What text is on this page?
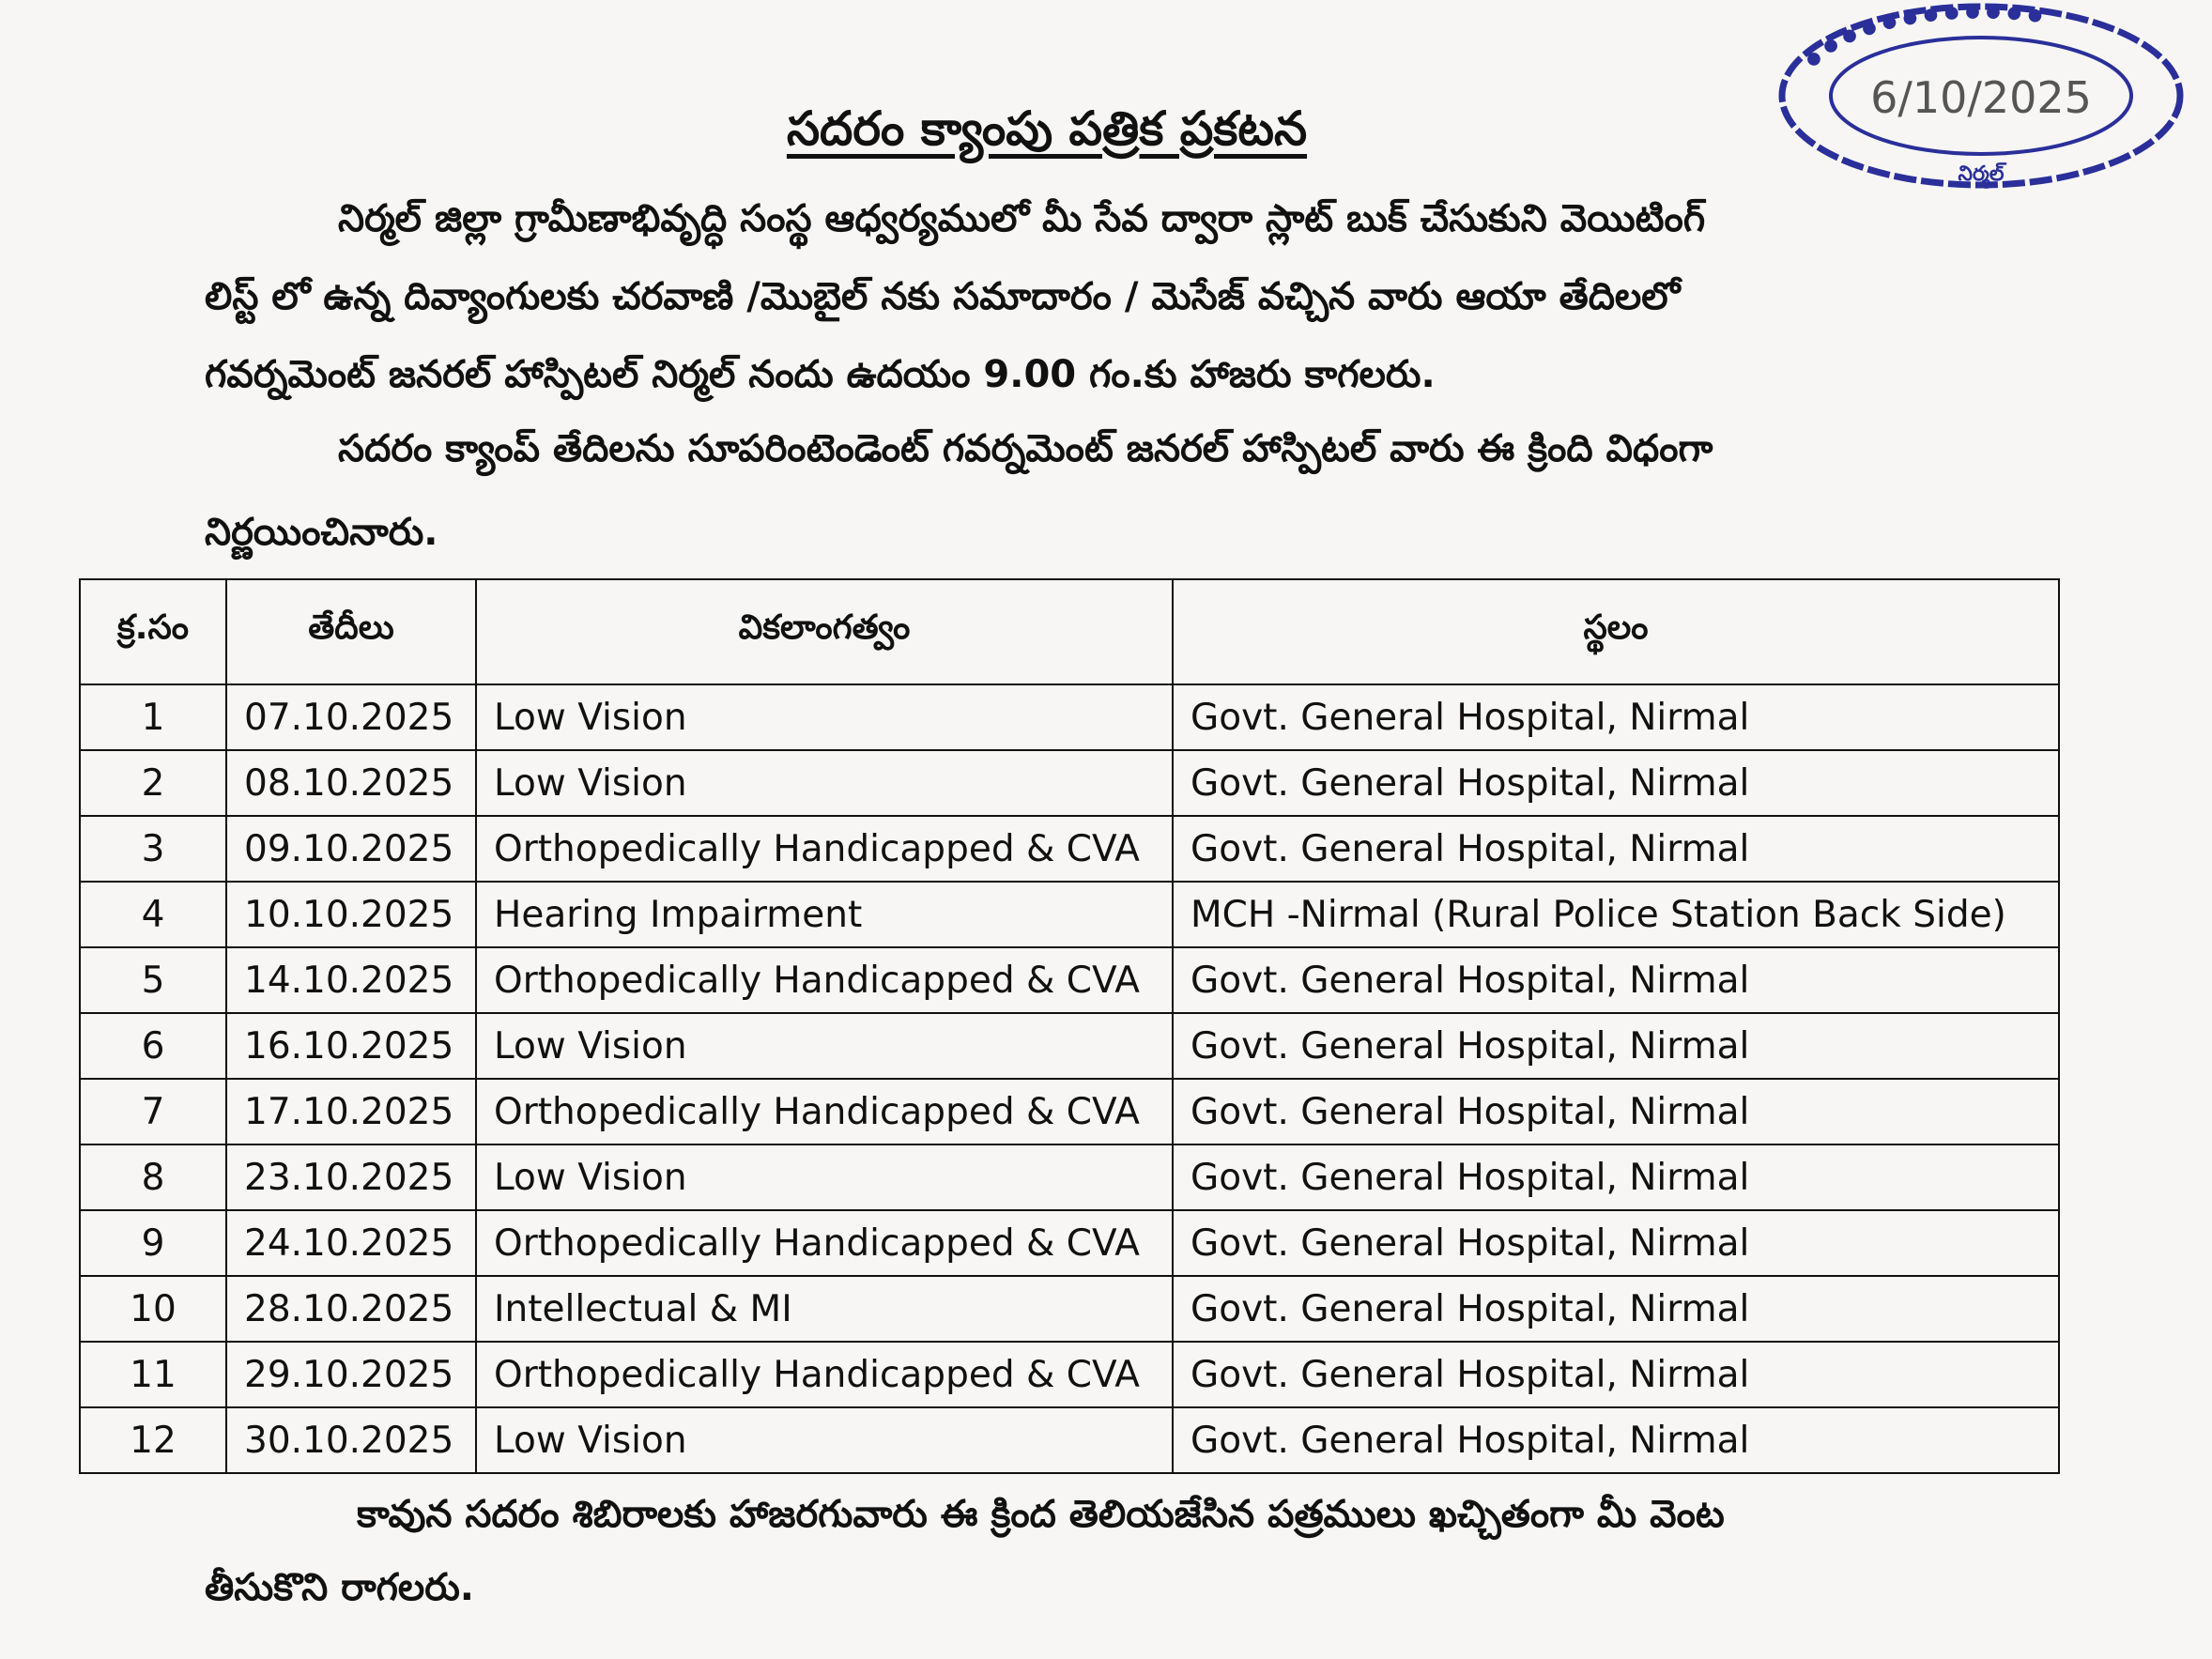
సదరం క్యాంపు పత్రిక ప్రకటన
నిర్మల్ జిల్లా గ్రామీణాభివృద్ధి సంస్థ ఆధ్వర్యములో మీ సేవ ద్వారా స్లాట్ బుక్ చేసుకుని వెయిటింగ్
లిస్ట్ లో ఉన్న దివ్యాంగులకు చరవాణి /మొబైల్ నకు సమాదారం / మెసేజ్ వచ్చిన వారు ఆయా తేదిలలో
గవర్నమెంట్ జనరల్ హాస్పిటల్ నిర్మల్ నందు ఉదయం 9.00 గం.కు హాజరు కాగలరు.
సదరం క్యాంప్ తేదిలను సూపరింటెండెంట్ గవర్నమెంట్ జనరల్ హాస్పిటల్ వారు ఈ క్రింది విధంగా
నిర్ణయించినారు.
క్ర.సం	తేదీలు	వికలాంగత్వం	స్థలం
1	07.10.2025	Low Vision	Govt. General Hospital, Nirmal
2	08.10.2025	Low Vision	Govt. General Hospital, Nirmal
3	09.10.2025	Orthopedically Handicapped & CVA	Govt. General Hospital, Nirmal
4	10.10.2025	Hearing Impairment	MCH -Nirmal (Rural Police Station Back Side)
5	14.10.2025	Orthopedically Handicapped & CVA	Govt. General Hospital, Nirmal
6	16.10.2025	Low Vision	Govt. General Hospital, Nirmal
7	17.10.2025	Orthopedically Handicapped & CVA	Govt. General Hospital, Nirmal
8	23.10.2025	Low Vision	Govt. General Hospital, Nirmal
9	24.10.2025	Orthopedically Handicapped & CVA	Govt. General Hospital, Nirmal
10	28.10.2025	Intellectual & MI	Govt. General Hospital, Nirmal
11	29.10.2025	Orthopedically Handicapped & CVA	Govt. General Hospital, Nirmal
12	30.10.2025	Low Vision	Govt. General Hospital, Nirmal
కావున సదరం శిబిరాలకు హాజరగువారు ఈ క్రింద తెలియజేసిన పత్రములు ఖచ్చితంగా మీ వెంట
తీసుకొని రాగలరు.
● ● ● ● ● ● ● ● ● ● ● ●
నిర్మల్
6/10/2025
